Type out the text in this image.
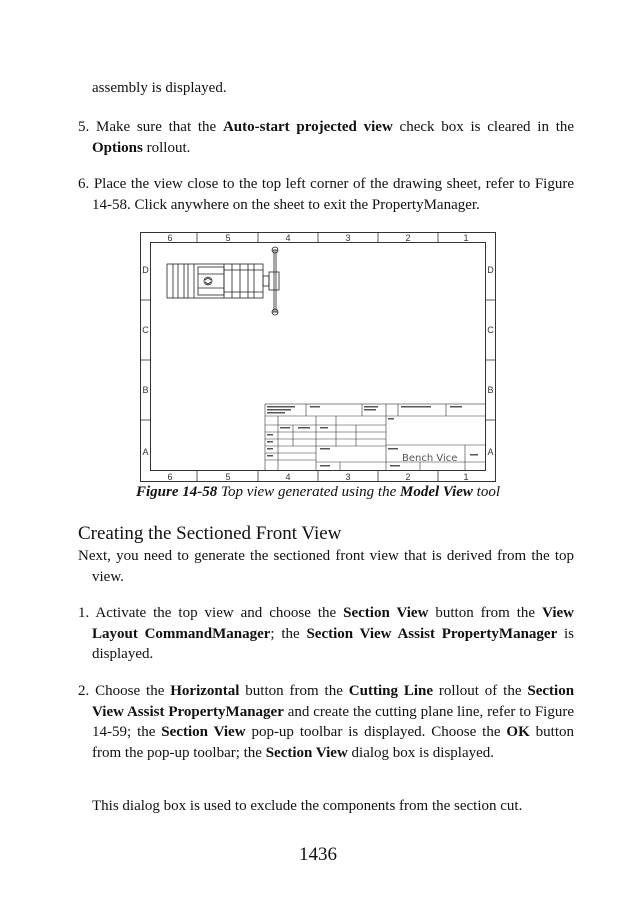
assembly is displayed.

5. Make sure that the Auto-start projected view check box is cleared in the Options rollout.

6. Place the view close to the top left corner of the drawing sheet, refer to Figure 14-58. Click anywhere on the sheet to exit the PropertyManager.

6	5	4	3	2	1
6	5	4	3	2	1
D
C
B
A
D
C
B
A
Bench Vice
Figure 14-58 Top view generated using the Model View tool
Creating the Sectioned Front View

Next, you need to generate the sectioned front view that is derived from the top view.

1. Activate the top view and choose the Section View button from the View Layout CommandManager; the Section View Assist PropertyManager is displayed.

2. Choose the Horizontal button from the Cutting Line rollout of the Section View Assist PropertyManager and create the cutting plane line, refer to Figure 14-59; the Section View pop-up toolbar is displayed. Choose the OK button from the pop-up toolbar; the Section View dialog box is displayed.

This dialog box is used to exclude the components from the section cut.

1436
